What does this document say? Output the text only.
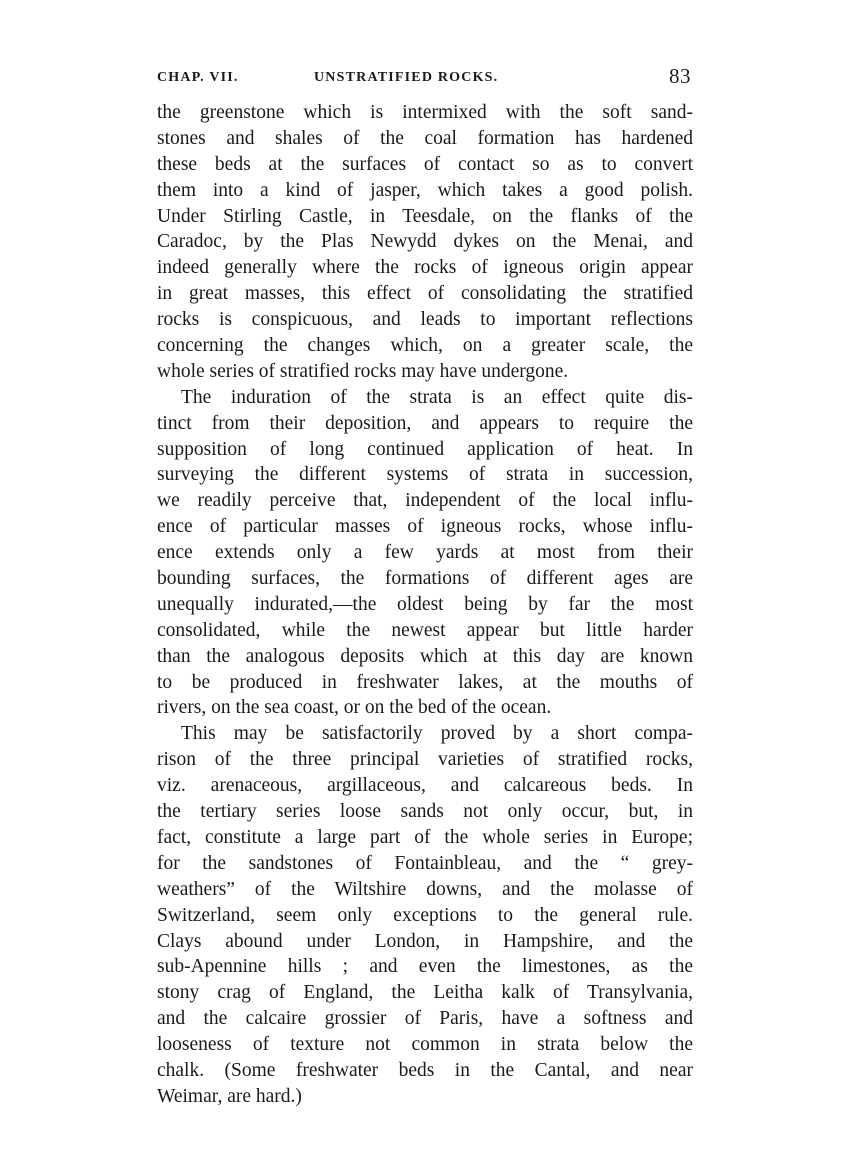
CHAP. VII.	UNSTRATIFIED ROCKS.	83
the greenstone which is intermixed with the soft sand-
stones and shales of the coal formation has hardened
these beds at the surfaces of contact so as to convert
them into a kind of jasper, which takes a good polish.
Under Stirling Castle, in Teesdale, on the flanks of the
Caradoc, by the Plas Newydd dykes on the Menai, and
indeed generally where the rocks of igneous origin appear
in great masses, this effect of consolidating the stratified
rocks is conspicuous, and leads to important reflections
concerning the changes which, on a greater scale, the
whole series of stratified rocks may have undergone.
The induration of the strata is an effect quite dis-
tinct from their deposition, and appears to require the
supposition of long continued application of heat. In
surveying the different systems of strata in succession,
we readily perceive that, independent of the local influ-
ence of particular masses of igneous rocks, whose influ-
ence extends only a few yards at most from their
bounding surfaces, the formations of different ages are
unequally indurated,—the oldest being by far the most
consolidated, while the newest appear but little harder
than the analogous deposits which at this day are known
to be produced in freshwater lakes, at the mouths of
rivers, on the sea coast, or on the bed of the ocean.
This may be satisfactorily proved by a short compa-
rison of the three principal varieties of stratified rocks,
viz. arenaceous, argillaceous, and calcareous beds. In
the tertiary series loose sands not only occur, but, in
fact, constitute a large part of the whole series in Europe;
for the sandstones of Fontainbleau, and the “ grey-
weathers” of the Wiltshire downs, and the molasse of
Switzerland, seem only exceptions to the general rule.
Clays abound under London, in Hampshire, and the
sub-Apennine hills ; and even the limestones, as the
stony crag of England, the Leitha kalk of Transylvania,
and the calcaire grossier of Paris, have a softness and
looseness of texture not common in strata below the
chalk. (Some freshwater beds in the Cantal, and near
Weimar, are hard.)
